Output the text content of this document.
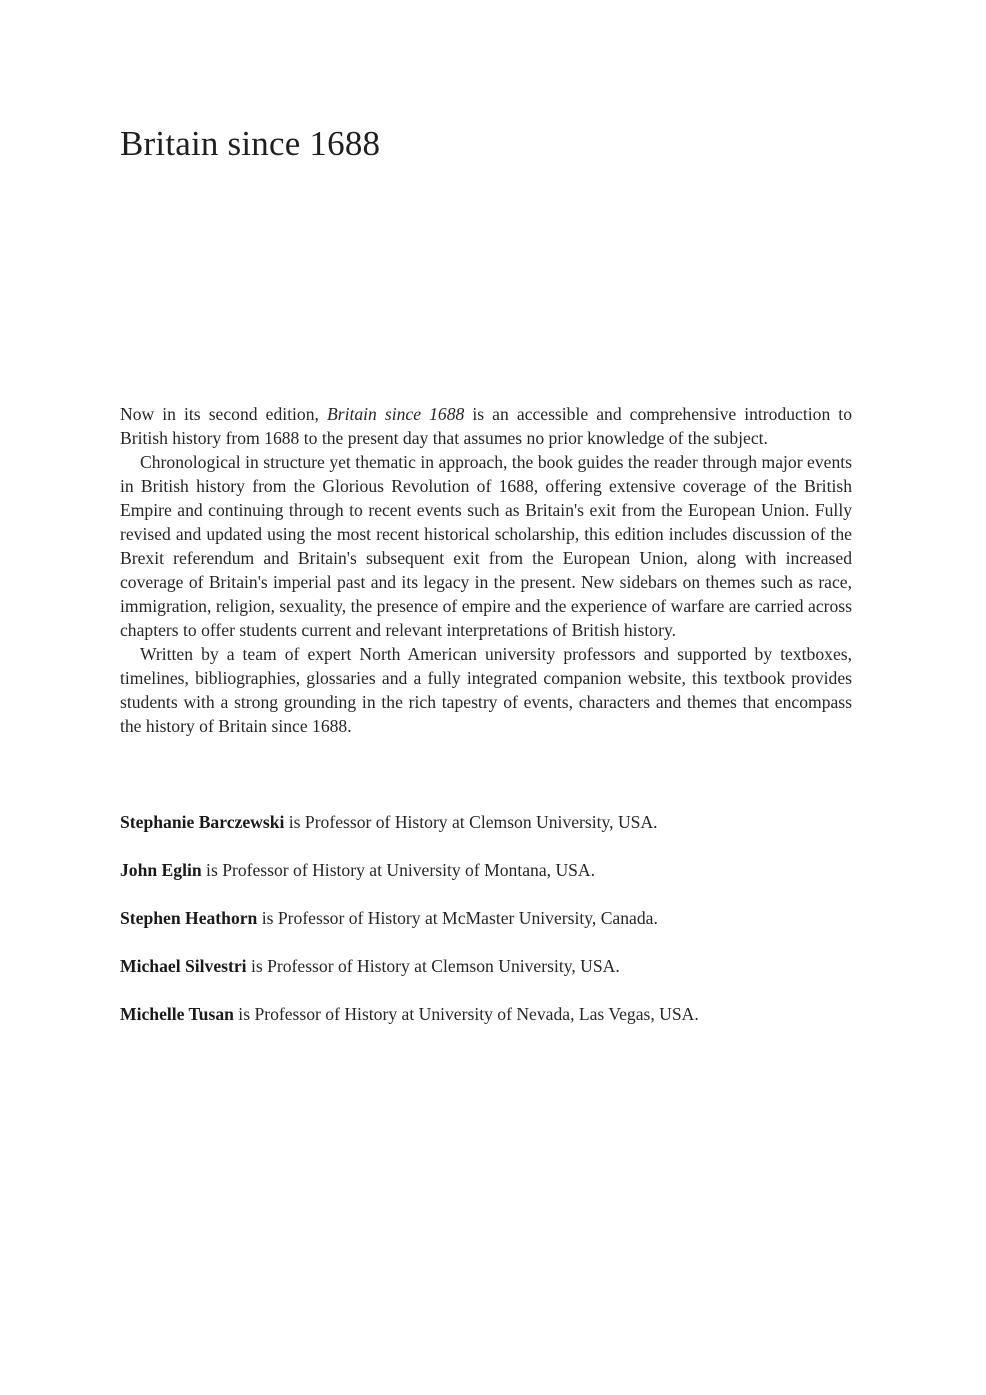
Britain since 1688

Now in its second edition, Britain since 1688 is an accessible and comprehensive introduction to British history from 1688 to the present day that assumes no prior knowledge of the subject.

Chronological in structure yet thematic in approach, the book guides the reader through major events in British history from the Glorious Revolution of 1688, offering extensive coverage of the British Empire and continuing through to recent events such as Britain's exit from the European Union. Fully revised and updated using the most recent historical scholarship, this edition includes discussion of the Brexit referendum and Britain's subsequent exit from the European Union, along with increased coverage of Britain's imperial past and its legacy in the present. New sidebars on themes such as race, immigration, religion, sexuality, the presence of empire and the experience of warfare are carried across chapters to offer students current and relevant interpretations of British history.

Written by a team of expert North American university professors and supported by textboxes, timelines, bibliographies, glossaries and a fully integrated companion website, this textbook provides students with a strong grounding in the rich tapestry of events, characters and themes that encompass the history of Britain since 1688.

Stephanie Barczewski is Professor of History at Clemson University, USA.

John Eglin is Professor of History at University of Montana, USA.

Stephen Heathorn is Professor of History at McMaster University, Canada.

Michael Silvestri is Professor of History at Clemson University, USA.

Michelle Tusan is Professor of History at University of Nevada, Las Vegas, USA.
